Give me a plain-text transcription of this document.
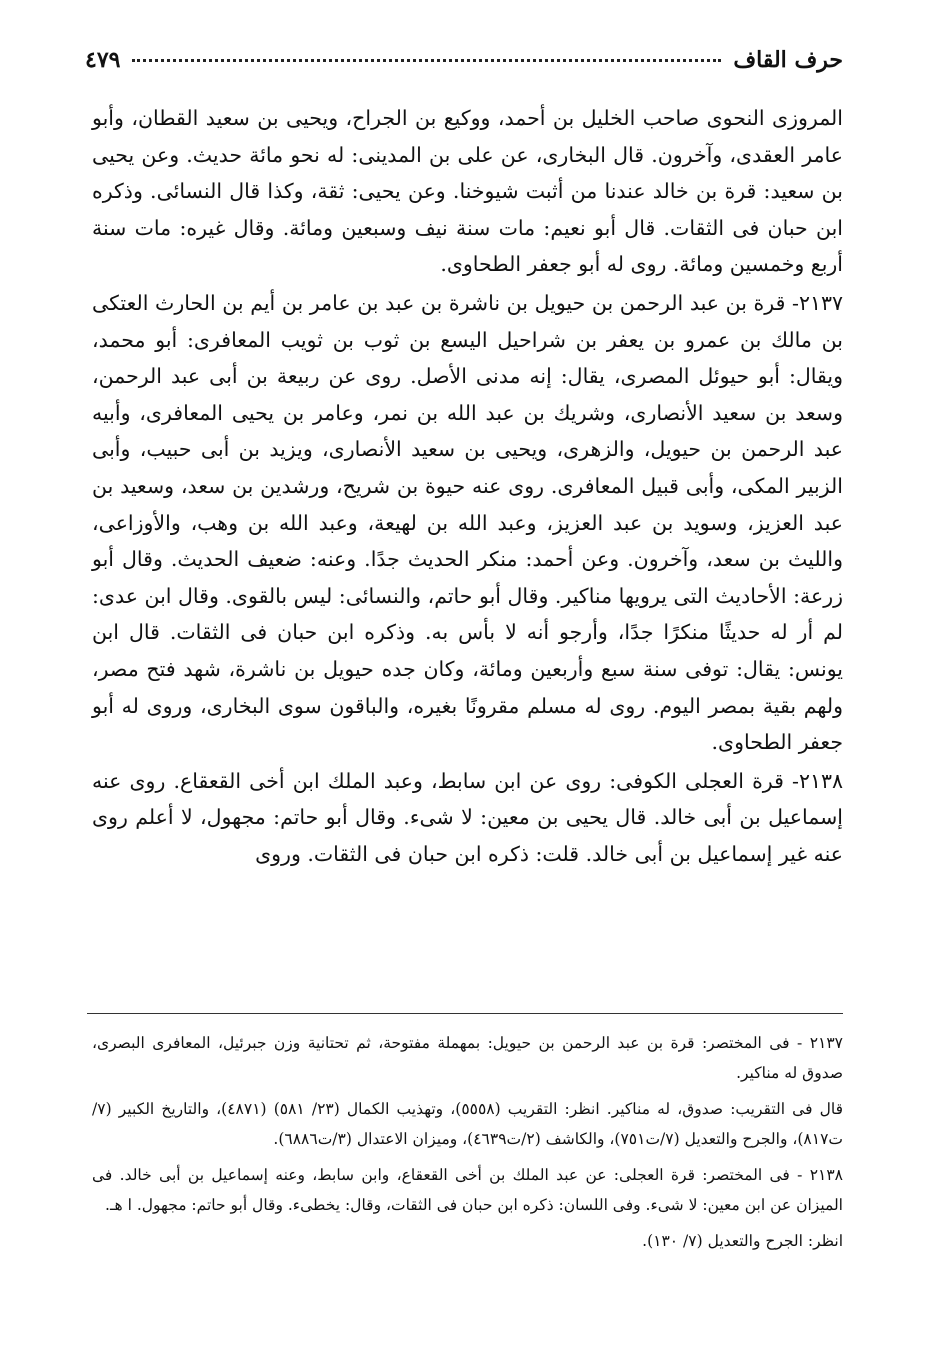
حرف القاف
٤٧٩

المروزى النحوى صاحب الخليل بن أحمد، ووكيع بن الجراح، ويحيى بن سعيد القطان، وأبو عامر العقدى، وآخرون. قال البخارى، عن على بن المدينى: له نحو مائة حديث. وعن يحيى بن سعيد: قرة بن خالد عندنا من أثبت شيوخنا. وعن يحيى: ثقة، وكذا قال النسائى. وذكره ابن حبان فى الثقات. قال أبو نعيم: مات سنة نيف وسبعين ومائة. وقال غيره: مات سنة أربع وخمسين ومائة. روى له أبو جعفر الطحاوى.

٢١٣٧- قرة بن عبد الرحمن بن حيويل بن ناشرة بن عبد بن عامر بن أيم بن الحارث العتكى بن مالك بن عمرو بن يعفر بن شراحيل اليسع بن ثوب بن ثويب المعافرى: أبو محمد، ويقال: أبو حيوئل المصرى، يقال: إنه مدنى الأصل. روى عن ربيعة بن أبى عبد الرحمن، وسعد بن سعيد الأنصارى، وشريك بن عبد الله بن نمر، وعامر بن يحيى المعافرى، وأبيه عبد الرحمن بن حيويل، والزهرى، ويحيى بن سعيد الأنصارى، ويزيد بن أبى حبيب، وأبى الزبير المكى، وأبى قبيل المعافرى. روى عنه حيوة بن شريح، ورشدين بن سعد، وسعيد بن عبد العزيز، وسويد بن عبد العزيز، وعبد الله بن لهيعة، وعبد الله بن وهب، والأوزاعى، والليث بن سعد، وآخرون. وعن أحمد: منكر الحديث جدًا. وعنه: ضعيف الحديث. وقال أبو زرعة: الأحاديث التى يرويها مناكير. وقال أبو حاتم، والنسائى: ليس بالقوى. وقال ابن عدى: لم أر له حديثًا منكرًا جدًا، وأرجو أنه لا بأس به. وذكره ابن حبان فى الثقات. قال ابن يونس: يقال: توفى سنة سبع وأربعين ومائة، وكان جده حيويل بن ناشرة، شهد فتح مصر، ولهم بقية بمصر اليوم. روى له مسلم مقرونًا بغيره، والباقون سوى البخارى، وروى له أبو جعفر الطحاوى.

٢١٣٨- قرة العجلى الكوفى: روى عن ابن سابط، وعبد الملك ابن أخى القعقاع. روى عنه إسماعيل بن أبى خالد. قال يحيى بن معين: لا شىء. وقال أبو حاتم: مجهول، لا أعلم روى عنه غير إسماعيل بن أبى خالد. قلت: ذكره ابن حبان فى الثقات. وروى

٢١٣٧ - فى المختصر: قرة بن عبد الرحمن بن حيويل: بمهملة مفتوحة، ثم تحتانية وزن جبرئيل، المعافرى البصرى، صدوق له مناكير.

قال فى التقريب: صدوق، له مناكير. انظر: التقريب (٥٥٥٨)، وتهذيب الكمال (٢٣/ ٥٨١) (٤٨٧١)، والتاريخ الكبير (٧/ت٨١٧)، والجرح والتعديل (٧/ت٧٥١)، والكاشف (٢/ت٤٦٣٩)، وميزان الاعتدال (٣/ت٦٨٨٦).

٢١٣٨ - فى المختصر: قرة العجلى: عن عبد الملك بن أخى القعقاع، وابن سابط، وعنه إسماعيل بن أبى خالد. فى الميزان عن ابن معين: لا شىء. وفى اللسان: ذكره ابن حبان فى الثقات، وقال: يخطىء. وقال أبو حاتم: مجهول. ا هـ.

انظر: الجرح والتعديل (٧/ ١٣٠).
